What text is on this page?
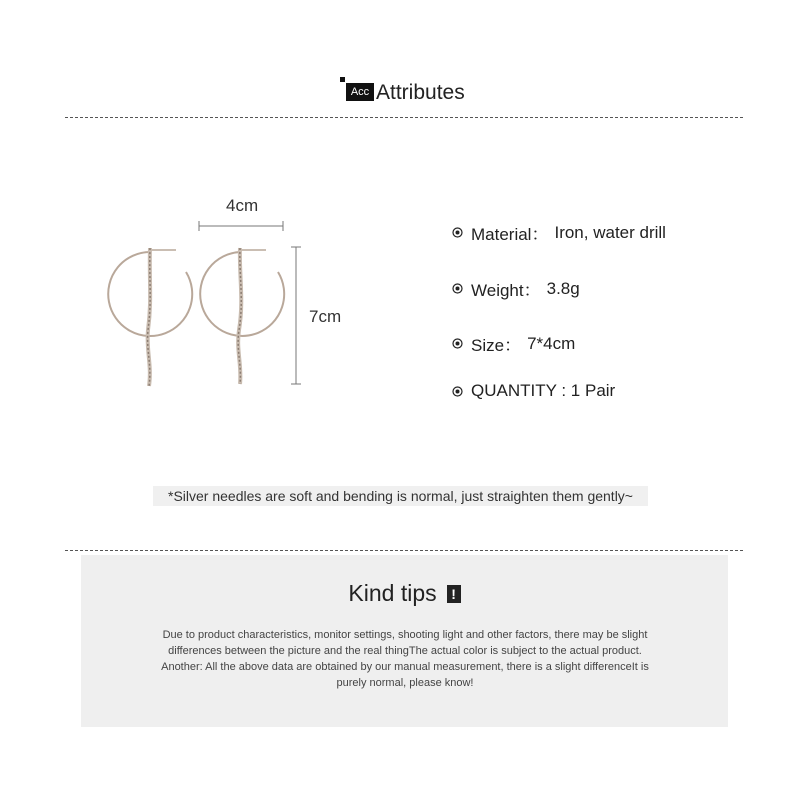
Acc Attributes
4cm
7cm
Material： Iron, water drill
Weight： 3.8g
Size： 7*4cm
QUANTITY : 1 Pair
*Silver needles are soft and bending is normal, just straighten them gently~
Kind tips	!
Due to product characteristics, monitor settings, shooting light and other factors, there may be slight
differences between the picture and the real thingThe actual color is subject to the actual product.
Another: All the above data are obtained by our manual measurement, there is a slight differenceIt is
purely normal, please know!
